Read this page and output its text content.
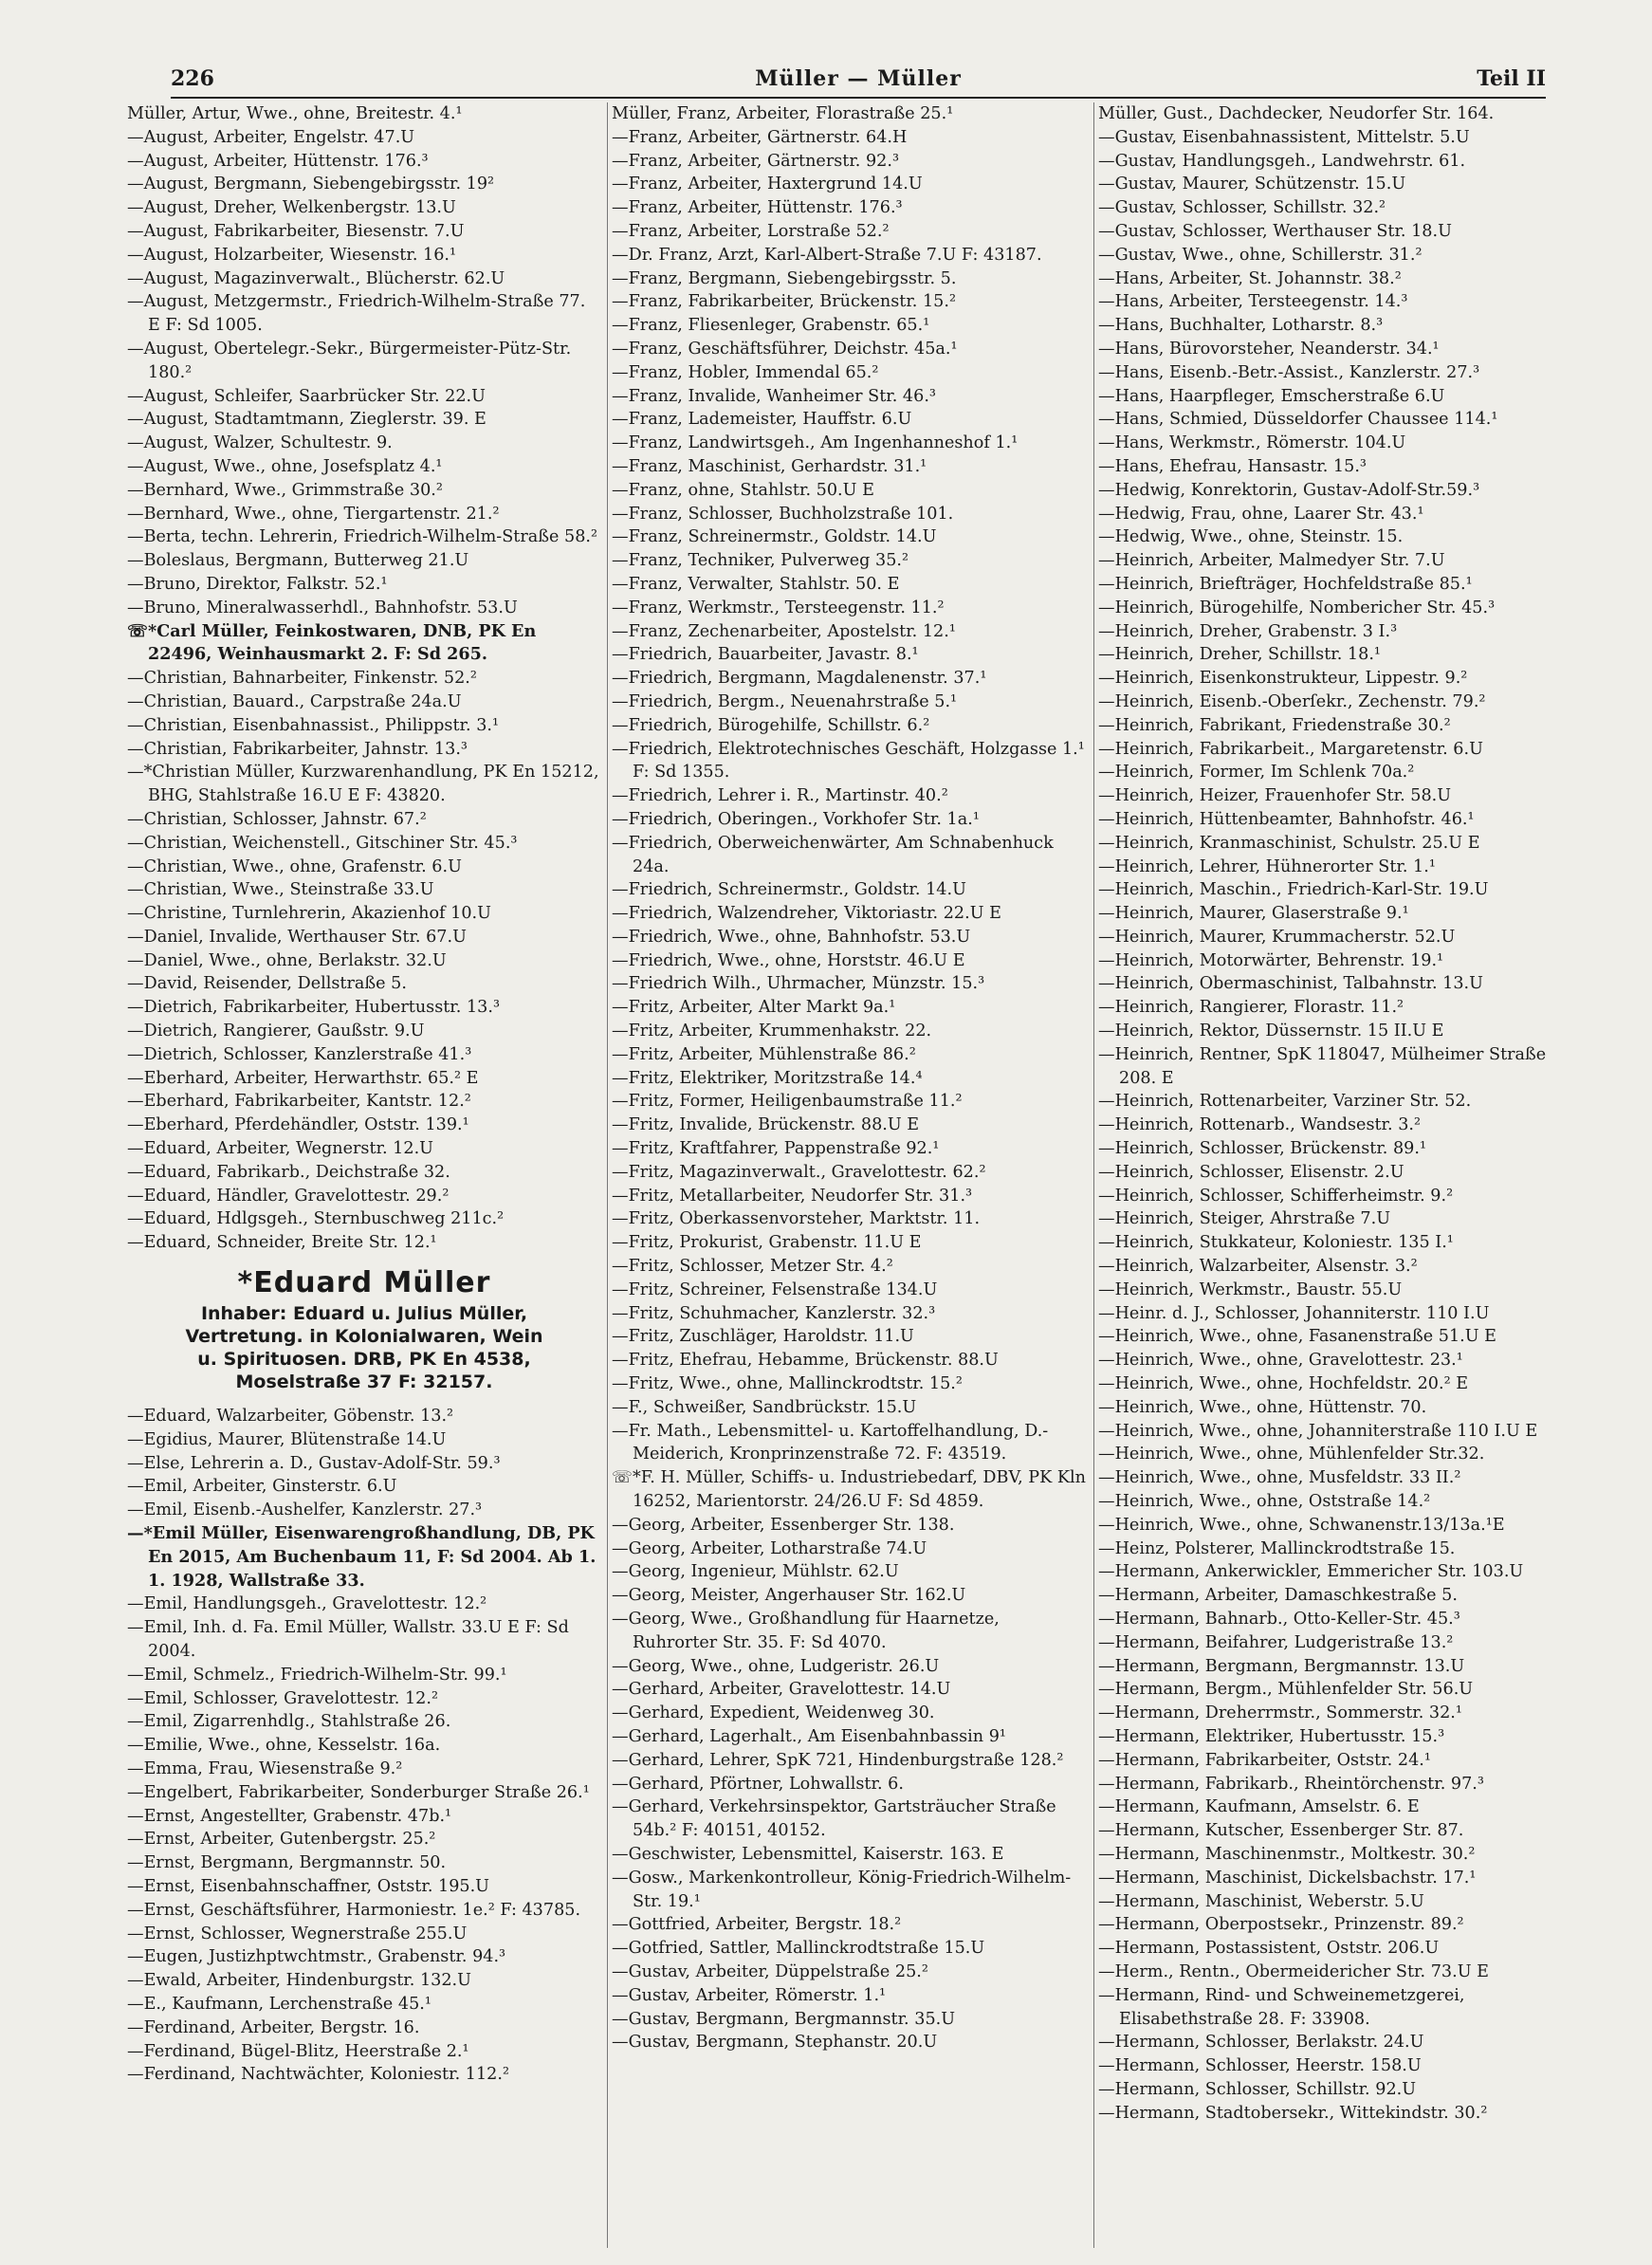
226	Müller — Müller	Teil II
Müller, Artur, Wwe., ohne, Breitestr. 4.¹
—August, Arbeiter, Engelstr. 47.U
—August, Arbeiter, Hüttenstr. 176.³
—August, Bergmann, Siebengebirgsstr. 19²
—August, Dreher, Welkenbergstr. 13.U
—August, Fabrikarbeiter, Biesenstr. 7.U
—August, Holzarbeiter, Wiesenstr. 16.¹
—August, Magazinverwalt., Blücherstr. 62.U
—August, Metzgermstr., Friedrich-Wilhelm-Straße 77. E F: Sd 1005.
—August, Obertelegr.-Sekr., Bürgermeister-Pütz-Str. 180.²
—August, Schleifer, Saarbrücker Str. 22.U
—August, Stadtamtmann, Zieglerstr. 39. E
—August, Walzer, Schultestr. 9.
—August, Wwe., ohne, Josefsplatz 4.¹
—Bernhard, Wwe., Grimmstraße 30.²
—Bernhard, Wwe., ohne, Tiergartenstr. 21.²
—Berta, techn. Lehrerin, Friedrich-Wilhelm-Straße 58.²
—Boleslaus, Bergmann, Butterweg 21.U
—Bruno, Direktor, Falkstr. 52.¹
—Bruno, Mineralwasserhdl., Bahnhofstr. 53.U
☏*Carl Müller, Feinkostwaren, DNB, PK En 22496, Weinhausmarkt 2. F: Sd 265.
—Christian, Bahnarbeiter, Finkenstr. 52.²
—Christian, Bauard., Carpstraße 24a.U
—Christian, Eisenbahnassist., Philippstr. 3.¹
—Christian, Fabrikarbeiter, Jahnstr. 13.³
—*Christian Müller, Kurzwarenhandlung, PK En 15212, BHG, Stahlstraße 16.U E F: 43820.
—Christian, Schlosser, Jahnstr. 67.²
—Christian, Weichenstell., Gitschiner Str. 45.³
—Christian, Wwe., ohne, Grafenstr. 6.U
—Christian, Wwe., Steinstraße 33.U
—Christine, Turnlehrerin, Akazienhof 10.U
—Daniel, Invalide, Werthauser Str. 67.U
—Daniel, Wwe., ohne, Berlakstr. 32.U
—David, Reisender, Dellstraße 5.
—Dietrich, Fabrikarbeiter, Hubertusstr. 13.³
—Dietrich, Rangierer, Gaußstr. 9.U
—Dietrich, Schlosser, Kanzlerstraße 41.³
—Eberhard, Arbeiter, Herwarthstr. 65.² E
—Eberhard, Fabrikarbeiter, Kantstr. 12.²
—Eberhard, Pferdehändler, Oststr. 139.¹
—Eduard, Arbeiter, Wegnerstr. 12.U
—Eduard, Fabrikarb., Deichstraße 32.
—Eduard, Händler, Gravelottestr. 29.²
—Eduard, Hdlgsgeh., Sternbuschweg 211c.²
—Eduard, Schneider, Breite Str. 12.¹
*Eduard Müller
Inhaber: Eduard u. Julius Müller,
Vertretung. in Kolonialwaren, Wein
u. Spirituosen. DRB, PK En 4538,
Moselstraße 37 F: 32157.
—Eduard, Walzarbeiter, Göbenstr. 13.²
—Egidius, Maurer, Blütenstraße 14.U
—Else, Lehrerin a. D., Gustav-Adolf-Str. 59.³
—Emil, Arbeiter, Ginsterstr. 6.U
—Emil, Eisenb.-Aushelfer, Kanzlerstr. 27.³
—*Emil Müller, Eisenwarengroßhandlung, DB, PK En 2015, Am Buchenbaum 11, F: Sd 2004. Ab 1. 1. 1928, Wallstraße 33.
—Emil, Handlungsgeh., Gravelottestr. 12.²
—Emil, Inh. d. Fa. Emil Müller, Wallstr. 33.U E F: Sd 2004.
—Emil, Schmelz., Friedrich-Wilhelm-Str. 99.¹
—Emil, Schlosser, Gravelottestr. 12.²
—Emil, Zigarrenhdlg., Stahlstraße 26.
—Emilie, Wwe., ohne, Kesselstr. 16a.
—Emma, Frau, Wiesenstraße 9.²
—Engelbert, Fabrikarbeiter, Sonderburger Straße 26.¹
—Ernst, Angestellter, Grabenstr. 47b.¹
—Ernst, Arbeiter, Gutenbergstr. 25.²
—Ernst, Bergmann, Bergmannstr. 50.
—Ernst, Eisenbahnschaffner, Oststr. 195.U
—Ernst, Geschäftsführer, Harmoniestr. 1e.² F: 43785.
—Ernst, Schlosser, Wegnerstraße 255.U
—Eugen, Justizhptwchtmstr., Grabenstr. 94.³
—Ewald, Arbeiter, Hindenburgstr. 132.U
—E., Kaufmann, Lerchenstraße 45.¹
—Ferdinand, Arbeiter, Bergstr. 16.
—Ferdinand, Bügel-Blitz, Heerstraße 2.¹
—Ferdinand, Nachtwächter, Koloniestr. 112.²
Müller, Franz, Arbeiter, Florastraße 25.¹
—Franz, Arbeiter, Gärtnerstr. 64.H
—Franz, Arbeiter, Gärtnerstr. 92.³
—Franz, Arbeiter, Haxtergrund 14.U
—Franz, Arbeiter, Hüttenstr. 176.³
—Franz, Arbeiter, Lorstraße 52.²
—Dr. Franz, Arzt, Karl-Albert-Straße 7.U F: 43187.
—Franz, Bergmann, Siebengebirgsstr. 5.
—Franz, Fabrikarbeiter, Brückenstr. 15.²
—Franz, Fliesenleger, Grabenstr. 65.¹
—Franz, Geschäftsführer, Deichstr. 45a.¹
—Franz, Hobler, Immendal 65.²
—Franz, Invalide, Wanheimer Str. 46.³
—Franz, Lademeister, Hauffstr. 6.U
—Franz, Landwirtsgeh., Am Ingenhanneshof 1.¹
—Franz, Maschinist, Gerhardstr. 31.¹
—Franz, ohne, Stahlstr. 50.U E
—Franz, Schlosser, Buchholzstraße 101.
—Franz, Schreinermstr., Goldstr. 14.U
—Franz, Techniker, Pulverweg 35.²
—Franz, Verwalter, Stahlstr. 50. E
—Franz, Werkmstr., Tersteegenstr. 11.²
—Franz, Zechenarbeiter, Apostelstr. 12.¹
—Friedrich, Bauarbeiter, Javastr. 8.¹
—Friedrich, Bergmann, Magdalenenstr. 37.¹
—Friedrich, Bergm., Neuenahrstraße 5.¹
—Friedrich, Bürogehilfe, Schillstr. 6.²
—Friedrich, Elektrotechnisches Geschäft, Holzgasse 1.¹ F: Sd 1355.
—Friedrich, Lehrer i. R., Martinstr. 40.²
—Friedrich, Oberingen., Vorkhofer Str. 1a.¹
—Friedrich, Oberweichenwärter, Am Schnabenhuck 24a.
—Friedrich, Schreinermstr., Goldstr. 14.U
—Friedrich, Walzendreher, Viktoriastr. 22.U E
—Friedrich, Wwe., ohne, Bahnhofstr. 53.U
—Friedrich, Wwe., ohne, Horststr. 46.U E
—Friedrich Wilh., Uhrmacher, Münzstr. 15.³
—Fritz, Arbeiter, Alter Markt 9a.¹
—Fritz, Arbeiter, Krummenhakstr. 22.
—Fritz, Arbeiter, Mühlenstraße 86.²
—Fritz, Elektriker, Moritzstraße 14.⁴
—Fritz, Former, Heiligenbaumstraße 11.²
—Fritz, Invalide, Brückenstr. 88.U E
—Fritz, Kraftfahrer, Pappenstraße 92.¹
—Fritz, Magazinverwalt., Gravelottestr. 62.²
—Fritz, Metallarbeiter, Neudorfer Str. 31.³
—Fritz, Oberkassenvorsteher, Marktstr. 11.
—Fritz, Prokurist, Grabenstr. 11.U E
—Fritz, Schlosser, Metzer Str. 4.²
—Fritz, Schreiner, Felsenstraße 134.U
—Fritz, Schuhmacher, Kanzlerstr. 32.³
—Fritz, Zuschläger, Haroldstr. 11.U
—Fritz, Ehefrau, Hebamme, Brückenstr. 88.U
—Fritz, Wwe., ohne, Mallinckrodtstr. 15.²
—F., Schweißer, Sandbrückstr. 15.U
—Fr. Math., Lebensmittel- u. Kartoffelhandlung, D.-Meiderich, Kronprinzenstraße 72. F: 43519.
☏*F. H. Müller, Schiffs- u. Industriebedarf, DBV, PK Kln 16252, Marientorstr. 24/26.U F: Sd 4859.
—Georg, Arbeiter, Essenberger Str. 138.
—Georg, Arbeiter, Lotharstraße 74.U
—Georg, Ingenieur, Mühlstr. 62.U
—Georg, Meister, Angerhauser Str. 162.U
—Georg, Wwe., Großhandlung für Haarnetze, Ruhrorter Str. 35. F: Sd 4070.
—Georg, Wwe., ohne, Ludgeristr. 26.U
—Gerhard, Arbeiter, Gravelottestr. 14.U
—Gerhard, Expedient, Weidenweg 30.
—Gerhard, Lagerhalt., Am Eisenbahnbassin 9¹
—Gerhard, Lehrer, SpK 721, Hindenburgstraße 128.²
—Gerhard, Pförtner, Lohwallstr. 6.
—Gerhard, Verkehrsinspektor, Gartsträucher Straße 54b.² F: 40151, 40152.
—Geschwister, Lebensmittel, Kaiserstr. 163. E
—Gosw., Markenkontrolleur, König-Friedrich-Wilhelm-Str. 19.¹
—Gottfried, Arbeiter, Bergstr. 18.²
—Gotfried, Sattler, Mallinckrodtstraße 15.U
—Gustav, Arbeiter, Düppelstraße 25.²
—Gustav, Arbeiter, Römerstr. 1.¹
—Gustav, Bergmann, Bergmannstr. 35.U
—Gustav, Bergmann, Stephanstr. 20.U
Müller, Gust., Dachdecker, Neudorfer Str. 164.
—Gustav, Eisenbahnassistent, Mittelstr. 5.U
—Gustav, Handlungsgeh., Landwehrstr. 61.
—Gustav, Maurer, Schützenstr. 15.U
—Gustav, Schlosser, Schillstr. 32.²
—Gustav, Schlosser, Werthauser Str. 18.U
—Gustav, Wwe., ohne, Schillerstr. 31.²
—Hans, Arbeiter, St. Johannstr. 38.²
—Hans, Arbeiter, Tersteegenstr. 14.³
—Hans, Buchhalter, Lotharstr. 8.³
—Hans, Bürovorsteher, Neanderstr. 34.¹
—Hans, Eisenb.-Betr.-Assist., Kanzlerstr. 27.³
—Hans, Haarpfleger, Emscherstraße 6.U
—Hans, Schmied, Düsseldorfer Chaussee 114.¹
—Hans, Werkmstr., Römerstr. 104.U
—Hans, Ehefrau, Hansastr. 15.³
—Hedwig, Konrektorin, Gustav-Adolf-Str.59.³
—Hedwig, Frau, ohne, Laarer Str. 43.¹
—Hedwig, Wwe., ohne, Steinstr. 15.
—Heinrich, Arbeiter, Malmedyer Str. 7.U
—Heinrich, Briefträger, Hochfeldstraße 85.¹
—Heinrich, Bürogehilfe, Nombericher Str. 45.³
—Heinrich, Dreher, Grabenstr. 3 I.³
—Heinrich, Dreher, Schillstr. 18.¹
—Heinrich, Eisenkonstrukteur, Lippestr. 9.²
—Heinrich, Eisenb.-Oberſekr., Zechenstr. 79.²
—Heinrich, Fabrikant, Friedenstraße 30.²
—Heinrich, Fabrikarbeit., Margaretenstr. 6.U
—Heinrich, Former, Im Schlenk 70a.²
—Heinrich, Heizer, Frauenhofer Str. 58.U
—Heinrich, Hüttenbeamter, Bahnhofstr. 46.¹
—Heinrich, Kranmaschinist, Schulstr. 25.U E
—Heinrich, Lehrer, Hühnerorter Str. 1.¹
—Heinrich, Maschin., Friedrich-Karl-Str. 19.U
—Heinrich, Maurer, Glaserstraße 9.¹
—Heinrich, Maurer, Krummacherstr. 52.U
—Heinrich, Motorwärter, Behrenstr. 19.¹
—Heinrich, Obermaschinist, Talbahnstr. 13.U
—Heinrich, Rangierer, Florastr. 11.²
—Heinrich, Rektor, Düssernstr. 15 II.U E
—Heinrich, Rentner, SpK 118047, Mülheimer Straße 208. E
—Heinrich, Rottenarbeiter, Varziner Str. 52.
—Heinrich, Rottenarb., Wandsestr. 3.²
—Heinrich, Schlosser, Brückenstr. 89.¹
—Heinrich, Schlosser, Elisenstr. 2.U
—Heinrich, Schlosser, Schifferheimstr. 9.²
—Heinrich, Steiger, Ahrstraße 7.U
—Heinrich, Stukkateur, Koloniestr. 135 I.¹
—Heinrich, Walzarbeiter, Alsenstr. 3.²
—Heinrich, Werkmstr., Baustr. 55.U
—Heinr. d. J., Schlosser, Johanniterstr. 110 I.U
—Heinrich, Wwe., ohne, Fasanenstraße 51.U E
—Heinrich, Wwe., ohne, Gravelottestr. 23.¹
—Heinrich, Wwe., ohne, Hochfeldstr. 20.² E
—Heinrich, Wwe., ohne, Hüttenstr. 70.
—Heinrich, Wwe., ohne, Johanniterstraße 110 I.U E
—Heinrich, Wwe., ohne, Mühlenfelder Str.32.
—Heinrich, Wwe., ohne, Musfeldstr. 33 II.²
—Heinrich, Wwe., ohne, Oststraße 14.²
—Heinrich, Wwe., ohne, Schwanenstr.13/13a.¹E
—Heinz, Polsterer, Mallinckrodtstraße 15.
—Hermann, Ankerwickler, Emmericher Str. 103.U
—Hermann, Arbeiter, Damaschkestraße 5.
—Hermann, Bahnarb., Otto-Keller-Str. 45.³
—Hermann, Beifahrer, Ludgeristraße 13.²
—Hermann, Bergmann, Bergmannstr. 13.U
—Hermann, Bergm., Mühlenfelder Str. 56.U
—Hermann, Dreherrmstr., Sommerstr. 32.¹
—Hermann, Elektriker, Hubertusstr. 15.³
—Hermann, Fabrikarbeiter, Oststr. 24.¹
—Hermann, Fabrikarb., Rheintörchenstr. 97.³
—Hermann, Kaufmann, Amselstr. 6. E
—Hermann, Kutscher, Essenberger Str. 87.
—Hermann, Maschinenmstr., Moltkestr. 30.²
—Hermann, Maschinist, Dickelsbachstr. 17.¹
—Hermann, Maschinist, Weberstr. 5.U
—Hermann, Oberpostsekr., Prinzenstr. 89.²
—Hermann, Postassistent, Oststr. 206.U
—Herm., Rentn., Obermeidericher Str. 73.U E
—Hermann, Rind- und Schweinemetzgerei, Elisabethstraße 28. F: 33908.
—Hermann, Schlosser, Berlakstr. 24.U
—Hermann, Schlosser, Heerstr. 158.U
—Hermann, Schlosser, Schillstr. 92.U
—Hermann, Stadtobersekr., Wittekindstr. 30.²
